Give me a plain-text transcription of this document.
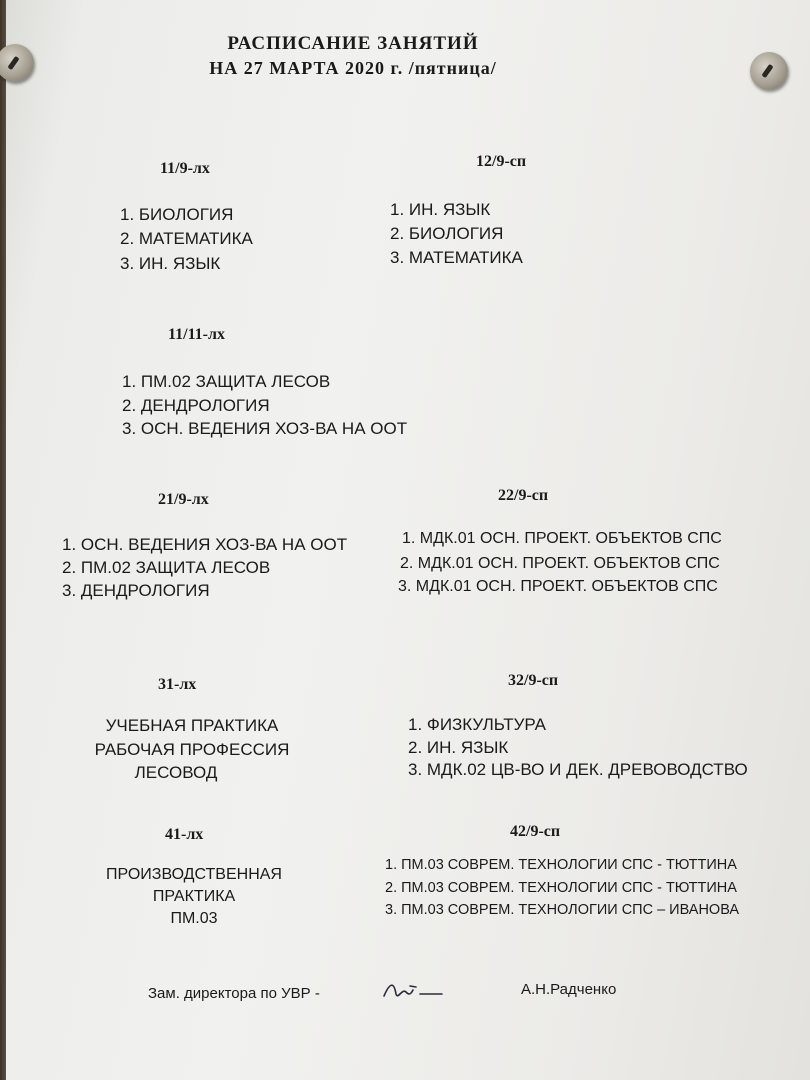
РАСПИСАНИЕ ЗАНЯТИЙ
НА 27 МАРТА 2020 г. /пятница/
11/9-лх
1. БИОЛОГИЯ
2. МАТЕМАТИКА
3. ИН. ЯЗЫК
12/9-сп
1. ИН. ЯЗЫК
2. БИОЛОГИЯ
3. МАТЕМАТИКА
11/11-лх
1. ПМ.02 ЗАЩИТА ЛЕСОВ
2. ДЕНДРОЛОГИЯ
3. ОСН. ВЕДЕНИЯ ХОЗ-ВА НА ООТ
21/9-лх
1. ОСН. ВЕДЕНИЯ ХОЗ-ВА НА ООТ
2. ПМ.02 ЗАЩИТА ЛЕСОВ
3. ДЕНДРОЛОГИЯ
22/9-сп
1. МДК.01 ОСН. ПРОЕКТ. ОБЪЕКТОВ СПС
2. МДК.01 ОСН. ПРОЕКТ. ОБЪЕКТОВ СПС
3. МДК.01 ОСН. ПРОЕКТ. ОБЪЕКТОВ СПС
31-лх
УЧЕБНАЯ ПРАКТИКА
РАБОЧАЯ ПРОФЕССИЯ
ЛЕСОВОД
32/9-сп
1. ФИЗКУЛЬТУРА
2. ИН. ЯЗЫК
3. МДК.02 ЦВ-ВО И ДЕК. ДРЕВОВОДСТВО
41-лх
ПРОИЗВОДСТВЕННАЯ
ПРАКТИКА
ПМ.03
42/9-сп
1. ПМ.03 СОВРЕМ. ТЕХНОЛОГИИ СПС - ТЮТТИНА
2. ПМ.03 СОВРЕМ. ТЕХНОЛОГИИ СПС - ТЮТТИНА
3. ПМ.03 СОВРЕМ. ТЕХНОЛОГИИ СПС – ИВАНОВА
Зам. директора по УВР -	А.Н.Радченко
